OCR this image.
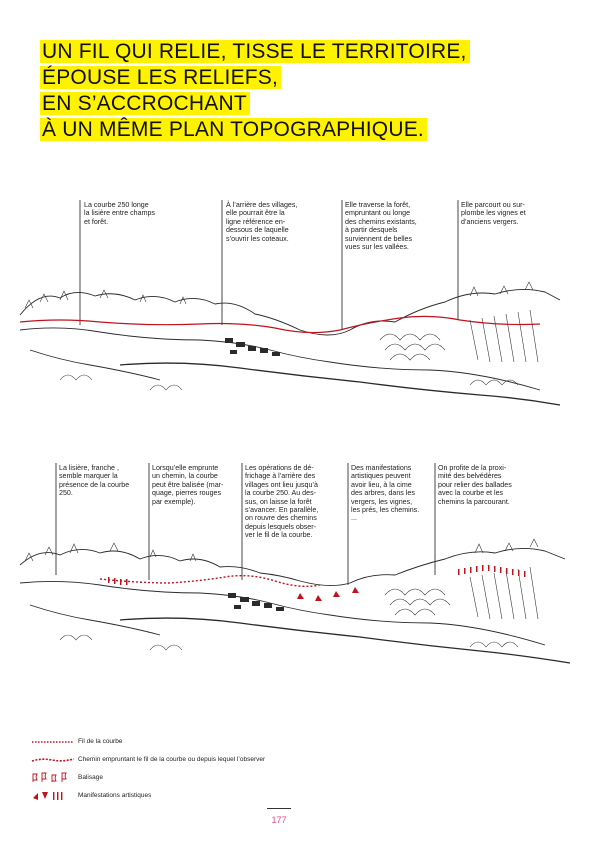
UN FIL QUI RELIE, TISSE LE TERRITOIRE,
ÉPOUSE LES RELIEFS,
EN S’ACCROCHANT
À UN MÊME PLAN TOPOGRAPHIQUE.
La courbe 250 longe
la lisière entre champs
et forêt.
À l’arrière des villages,
elle pourrait être la
ligne référence en-
dessous de laquelle
s’ouvrir les coteaux.
Elle traverse la forêt,
empruntant ou longe
des chemins existants,
à partir desquels
surviennent de belles
vues sur les vallées.
Elle parcourt ou sur-
plombe les vignes et
d’anciens vergers.
La lisière, franche ,
semble marquer la
présence de la courbe
250.
Lorsqu’elle emprunte
un chemin, la courbe
peut être balisée (mar-
quage, pierres rouges
par exemple).
Les opérations de dé-
frichage à l’arrière des
villages ont lieu jusqu’à
la courbe 250. Au des-
sus, on laisse la forêt
s’avancer. En parallèle,
on rouvre des chemins
depuis lesquels obser-
ver le fil de la courbe.
Des manifestations
artistiques peuvent
avoir lieu, à la cime
des arbres, dans les
vergers, les vignes,
les prés, les chemins.
...
On profite de la proxi-
mité des belvédères
pour relier des ballades
avec la courbe et les
chemins la parcourant.
Fil de la courbe
Chemin empruntant le fil de la courbe ou depuis lequel l’observer
Balisage
Manifestations artistiques
177
